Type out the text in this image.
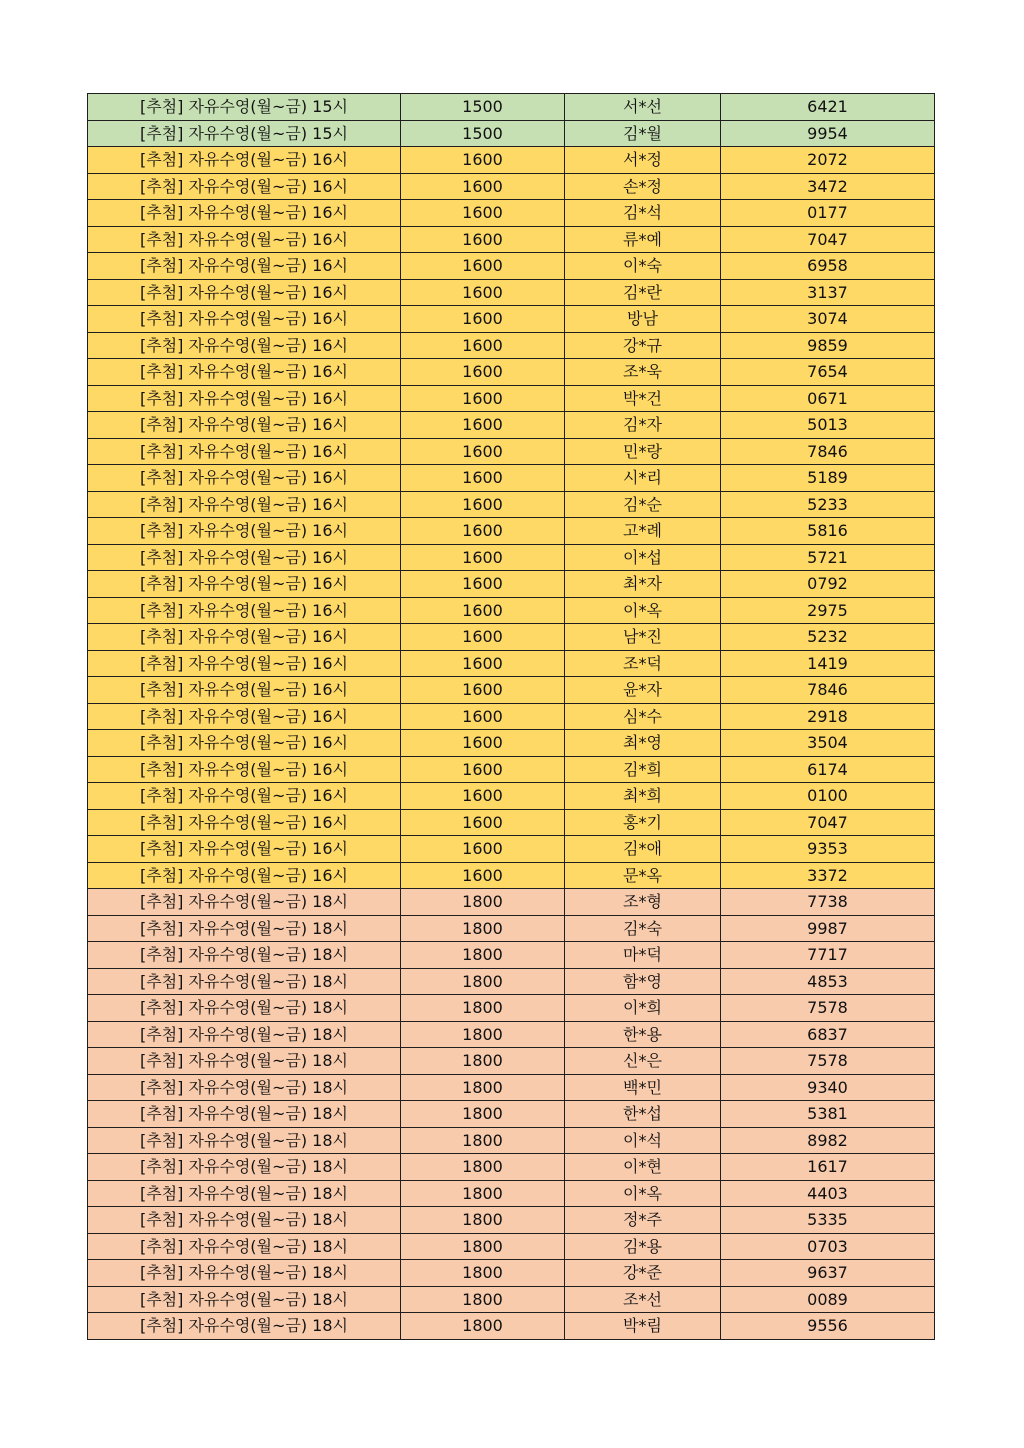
[추첨] 자유수영(월~금) 15시	1500	서*선	6421
[추첨] 자유수영(월~금) 15시	1500	김*월	9954
[추첨] 자유수영(월~금) 16시	1600	서*정	2072
[추첨] 자유수영(월~금) 16시	1600	손*정	3472
[추첨] 자유수영(월~금) 16시	1600	김*석	0177
[추첨] 자유수영(월~금) 16시	1600	류*예	7047
[추첨] 자유수영(월~금) 16시	1600	이*숙	6958
[추첨] 자유수영(월~금) 16시	1600	김*란	3137
[추첨] 자유수영(월~금) 16시	1600	방남	3074
[추첨] 자유수영(월~금) 16시	1600	강*규	9859
[추첨] 자유수영(월~금) 16시	1600	조*욱	7654
[추첨] 자유수영(월~금) 16시	1600	박*건	0671
[추첨] 자유수영(월~금) 16시	1600	김*자	5013
[추첨] 자유수영(월~금) 16시	1600	민*랑	7846
[추첨] 자유수영(월~금) 16시	1600	시*리	5189
[추첨] 자유수영(월~금) 16시	1600	김*순	5233
[추첨] 자유수영(월~금) 16시	1600	고*례	5816
[추첨] 자유수영(월~금) 16시	1600	이*섭	5721
[추첨] 자유수영(월~금) 16시	1600	최*자	0792
[추첨] 자유수영(월~금) 16시	1600	이*옥	2975
[추첨] 자유수영(월~금) 16시	1600	남*진	5232
[추첨] 자유수영(월~금) 16시	1600	조*덕	1419
[추첨] 자유수영(월~금) 16시	1600	윤*자	7846
[추첨] 자유수영(월~금) 16시	1600	심*수	2918
[추첨] 자유수영(월~금) 16시	1600	최*영	3504
[추첨] 자유수영(월~금) 16시	1600	김*희	6174
[추첨] 자유수영(월~금) 16시	1600	최*희	0100
[추첨] 자유수영(월~금) 16시	1600	홍*기	7047
[추첨] 자유수영(월~금) 16시	1600	김*애	9353
[추첨] 자유수영(월~금) 16시	1600	문*옥	3372
[추첨] 자유수영(월~금) 18시	1800	조*형	7738
[추첨] 자유수영(월~금) 18시	1800	김*숙	9987
[추첨] 자유수영(월~금) 18시	1800	마*덕	7717
[추첨] 자유수영(월~금) 18시	1800	함*영	4853
[추첨] 자유수영(월~금) 18시	1800	이*희	7578
[추첨] 자유수영(월~금) 18시	1800	한*용	6837
[추첨] 자유수영(월~금) 18시	1800	신*은	7578
[추첨] 자유수영(월~금) 18시	1800	백*민	9340
[추첨] 자유수영(월~금) 18시	1800	한*섭	5381
[추첨] 자유수영(월~금) 18시	1800	이*석	8982
[추첨] 자유수영(월~금) 18시	1800	이*현	1617
[추첨] 자유수영(월~금) 18시	1800	이*옥	4403
[추첨] 자유수영(월~금) 18시	1800	정*주	5335
[추첨] 자유수영(월~금) 18시	1800	김*용	0703
[추첨] 자유수영(월~금) 18시	1800	강*준	9637
[추첨] 자유수영(월~금) 18시	1800	조*선	0089
[추첨] 자유수영(월~금) 18시	1800	박*림	9556
